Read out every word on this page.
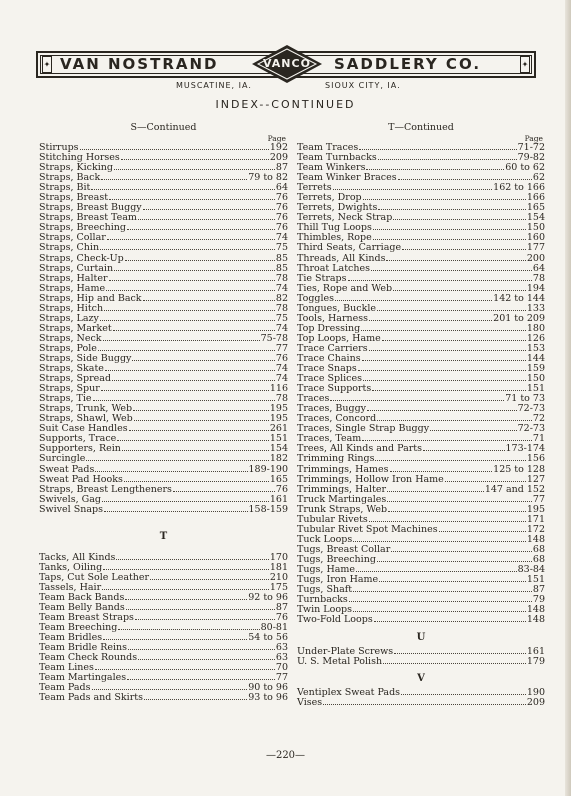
✦ VAN NOSTRAND	SADDLERY CO.	✦
VANCO
MUSCATINE, IA.	SIOUX CITY, IA.
INDEX--CONTINUED
S—Continued
Page
Stirrups	192
Stitching Horses	209
Straps, Kicking	87
Straps, Back	79 to 82
Straps, Bit	64
Straps, Breast	76
Straps, Breast Buggy	76
Straps, Breast Team	76
Straps, Breeching	76
Straps, Collar	74
Straps, Chin	75
Straps, Check-Up	85
Straps, Curtain	85
Straps, Halter	78
Straps, Hame	74
Straps, Hip and Back	82
Straps, Hitch	78
Straps, Lazy	75
Straps, Market	74
Straps, Neck	75-78
Straps, Pole	77
Straps, Side Buggy	76
Straps, Skate	74
Straps, Spread	74
Straps, Spur	116
Straps, Tie	78
Straps, Trunk, Web	195
Straps, Shawl, Web	195
Suit Case Handles	261
Supports, Trace	151
Supporters, Rein	154
Surcingle	182
Sweat Pads	189-190
Sweat Pad Hooks	165
Straps, Breast Lengtheners	76
Swivels, Gag	161
Swivel Snaps	158-159
T
Tacks, All Kinds	170
Tanks, Oiling	181
Taps, Cut Sole Leather	210
Tassels, Hair	175
Team Back Bands	92 to 96
Team Belly Bands	87
Team Breast Straps	76
Team Breeching	80-81
Team Bridles	54 to 56
Team Bridle Reins	63
Team Check Rounds	63
Team Lines	70
Team Martingales	77
Team Pads	90 to 96
Team Pads and Skirts	93 to 96
T—Continued
Page
Team Traces	71-72
Team Turnbacks	79-82
Team Winkers	60 to 62
Team Winker Braces	62
Terrets	162 to 166
Terrets, Drop	166
Terrets, Dwights	165
Terrets, Neck Strap	154
Thill Tug Loops	150
Thimbles, Rope	160
Third Seats, Carriage	177
Threads, All Kinds	200
Throat Latches	64
Tie Straps	78
Ties, Rope and Web	194
Toggles	142 to 144
Tongues, Buckle	133
Tools, Harness	201 to 209
Top Dressing	180
Top Loops, Hame	126
Trace Carriers	153
Trace Chains	144
Trace Snaps	159
Trace Splices	150
Trace Supports	151
Traces	71 to 73
Traces, Buggy	72-73
Traces, Concord	72
Traces, Single Strap Buggy	72-73
Traces, Team	71
Trees, All Kinds and Parts	173-174
Trimming Rings	156
Trimmings, Hames	125 to 128
Trimmings, Hollow Iron Hame	127
Trimmings, Halter	147 and 152
Truck Martingales	77
Trunk Straps, Web	195
Tubular Rivets	171
Tubular Rivet Spot Machines	172
Tuck Loops	148
Tugs, Breast Collar	68
Tugs, Breeching	68
Tugs, Hame	83-84
Tugs, Iron Hame	151
Tugs, Shaft	87
Turnbacks	79
Twin Loops	148
Two-Fold Loops	148
U
Under-Plate Screws	161
U. S. Metal Polish	179
V
Ventiplex Sweat Pads	190
Vises	209
—220—
